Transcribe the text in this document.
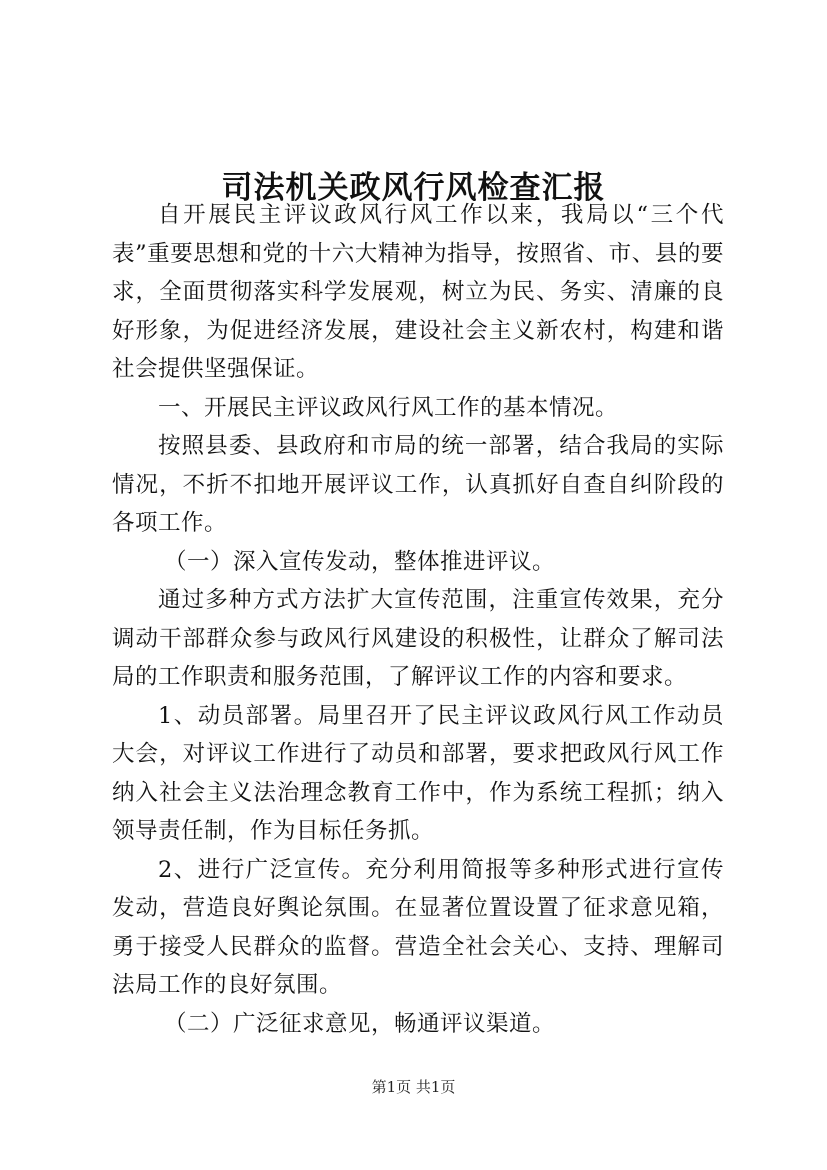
司法机关政风行风检查汇报

自开展民主评议政风行风工作以来，我局以“三个代表”重要思想和党的十六大精神为指导，按照省、市、县的要求，全面贯彻落实科学发展观，树立为民、务实、清廉的良好形象，为促进经济发展，建设社会主义新农村，构建和谐社会提供坚强保证。

一、开展民主评议政风行风工作的基本情况。

按照县委、县政府和市局的统一部署，结合我局的实际情况，不折不扣地开展评议工作，认真抓好自查自纠阶段的各项工作。

（一）深入宣传发动，整体推进评议。

通过多种方式方法扩大宣传范围，注重宣传效果，充分调动干部群众参与政风行风建设的积极性，让群众了解司法局的工作职责和服务范围，了解评议工作的内容和要求。

1、动员部署。局里召开了民主评议政风行风工作动员大会，对评议工作进行了动员和部署，要求把政风行风工作纳入社会主义法治理念教育工作中，作为系统工程抓；纳入领导责任制，作为目标任务抓。

2、进行广泛宣传。充分利用简报等多种形式进行宣传发动，营造良好舆论氛围。在显著位置设置了征求意见箱，勇于接受人民群众的监督。营造全社会关心、支持、理解司法局工作的良好氛围。

（二）广泛征求意见，畅通评议渠道。

第1页 共1页
